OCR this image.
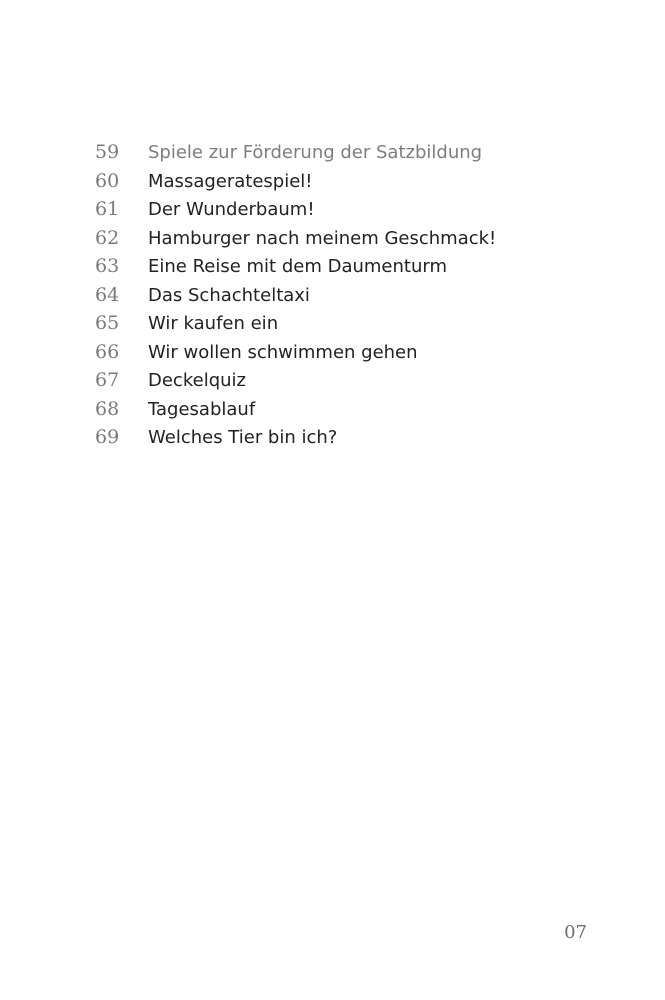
59	Spiele zur Förderung der Satzbildung
60	Massageratespiel!
61	Der Wunderbaum!
62	Hamburger nach meinem Geschmack!
63	Eine Reise mit dem Daumenturm
64	Das Schachteltaxi
65	Wir kaufen ein
66	Wir wollen schwimmen gehen
67	Deckelquiz
68	Tagesablauf
69	Welches Tier bin ich?
07
